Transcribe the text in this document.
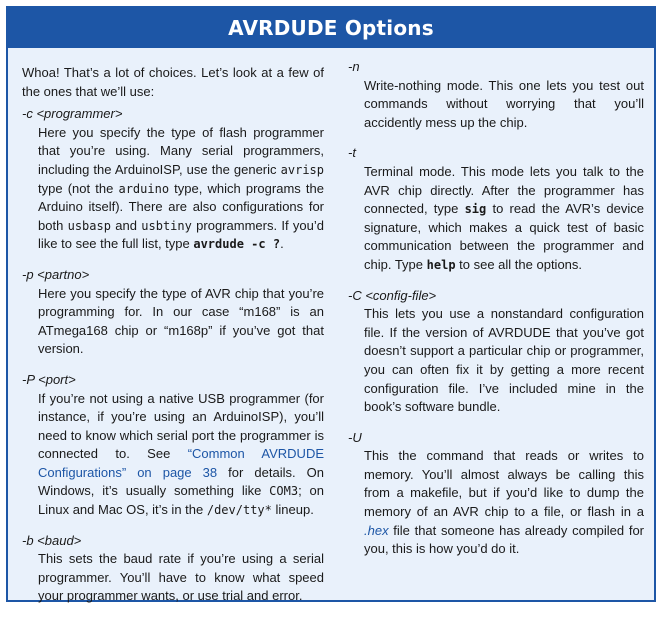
AVRDUDE Options

Whoa! That’s a lot of choices. Let’s look at a few of the ones that we’ll use:

-c <programmer>

Here you specify the type of flash programmer that you’re using. Many serial programmers, including the ArduinoISP, use the generic avrisp type (not the arduino type, which programs the Arduino itself). There are also configurations for both usbasp and usbtiny programmers. If you’d like to see the full list, type avrdude -c ?.

-p <partno>

Here you specify the type of AVR chip that you’re programming for. In our case “m168” is an ATmega168 chip or “m168p” if you’ve got that version.

-P <port>

If you’re not using a native USB programmer (for instance, if you’re using an ArduinoISP), you’ll need to know which serial port the programmer is connected to. See “Common AVRDUDE Configurations” on page 38 for details. On Windows, it’s usually something like COM3; on Linux and Mac OS, it’s in the /dev/tty* lineup.

-b <baud>

This sets the baud rate if you’re using a serial programmer. You’ll have to know what speed your programmer wants, or use trial and error.

-n

Write-nothing mode. This one lets you test out commands without worrying that you’ll accidently mess up the chip.

-t

Terminal mode. This mode lets you talk to the AVR chip directly. After the programmer has connected, type sig to read the AVR’s device signature, which makes a quick test of basic communication between the programmer and chip. Type help to see all the options.

-C <config-file>

This lets you use a nonstandard configuration file. If the version of AVRDUDE that you’ve got doesn’t support a particular chip or programmer, you can often fix it by getting a more recent configuration file. I’ve included mine in the book’s software bundle.

-U

This the command that reads or writes to memory. You’ll almost always be calling this from a makefile, but if you’d like to dump the memory of an AVR chip to a file, or flash in a .hex file that someone has already compiled for you, this is how you’d do it.
